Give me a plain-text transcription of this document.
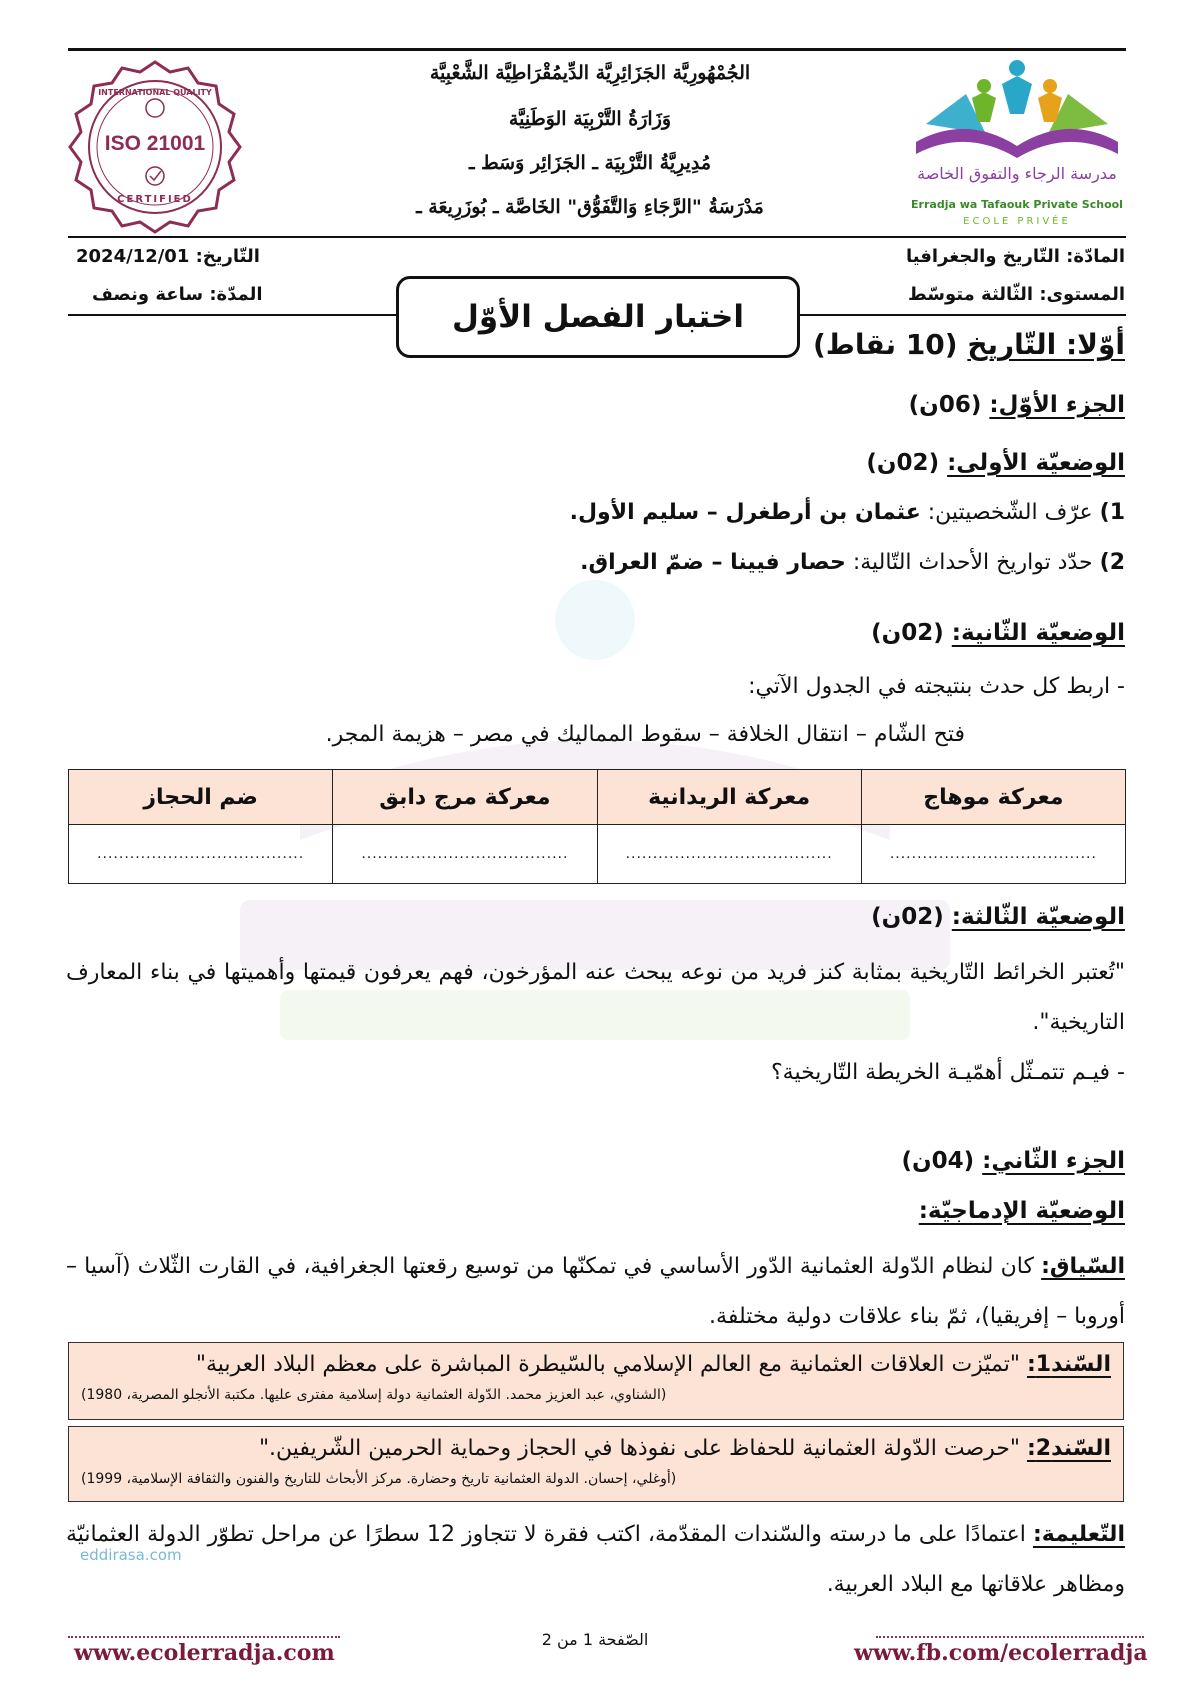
INTERNATIONAL QUALITY
ISO 21001
CERTIFIED
الجُمْهُورِيَّة الجَزَائِرِيَّة الدِّيمُقْرَاطِيَّة الشَّعْبِيَّة
وَزَارَةُ التَّرْبِيَة الوَطَنِيَّة
مُدِيرِيَّةُ التَّرْبِيَة ـ الجَزَائِر وَسَط ـ
مَدْرَسَةُ "الرَّجَاءِ وَالتَّفَوُّق" الخَاصَّة ـ بُوزَرِيعَة ـ
مدرسة الرجاء والتفوق الخاصة
Erradja wa Tafaouk Private School
ECOLE PRIVÉE
المادّة: التّاريخ والجغرافيا
المستوى: الثّالثة متوسّط
التّاريخ: 2024/12/01
المدّة: ساعة ونصف
اختبار الفصل الأوّل
أوّلا: التّاريخ (10 نقاط)
الجزء الأوّل: (06ن)
الوضعيّة الأولى: (02ن)
1) عرّف الشّخصيتين: عثمان بن أرطغرل – سليم الأول.
2) حدّد تواريخ الأحداث التّالية: حصار فيينا – ضمّ العراق.
الوضعيّة الثّانية: (02ن)
- اربط كل حدث بنتيجته في الجدول الآتي:
فتح الشّام – انتقال الخلافة – سقوط المماليك في مصر – هزيمة المجر.
معركة موهاج	معركة الريدانية	معركة مرج دابق	ضم الحجاز
......................................	......................................	......................................	......................................
الوضعيّة الثّالثة: (02ن)
"تُعتبر الخرائط التّاريخية بمثابة كنز فريد من نوعه يبحث عنه المؤرخون، فهم يعرفون قيمتها وأهميتها في بناء المعارف التاريخية".
- فيـم تتمـثّل أهمّيـة الخريطة التّاريخية؟
الجزء الثّاني: (04ن)
الوضعيّة الإدماجيّة:
السّياق: كان لنظام الدّولة العثمانية الدّور الأساسي في تمكنّها من توسيع رقعتها الجغرافية، في القارت الثّلاث (آسيا – أوروبا – إفريقيا)، ثمّ بناء علاقات دولية مختلفة.
السّند1: "تميّزت العلاقات العثمانية مع العالم الإسلامي بالسّيطرة المباشرة على معظم البلاد العربية"
(الشناوي، عبد العزيز محمد. الدّولة العثمانية دولة إسلامية مفترى عليها. مكتبة الأنجلو المصرية، 1980)
السّند2: "حرصت الدّولة العثمانية للحفاظ على نفوذها في الحجاز وحماية الحرمين الشّريفين."
(أوغلي، إحسان. الدولة العثمانية تاريخ وحضارة. مركز الأبحاث للتاريخ والفنون والثقافة الإسلامية، 1999)
التّعليمة: اعتمادًا على ما درسته والسّندات المقدّمة، اكتب فقرة لا تتجاوز 12 سطرًا عن مراحل تطوّر الدولة العثمانيّة ومظاهر علاقاتها مع البلاد العربية.
eddirasa.com
الصّفحة 1 من 2
www.ecolerradja.com	www.fb.com/ecolerradja
